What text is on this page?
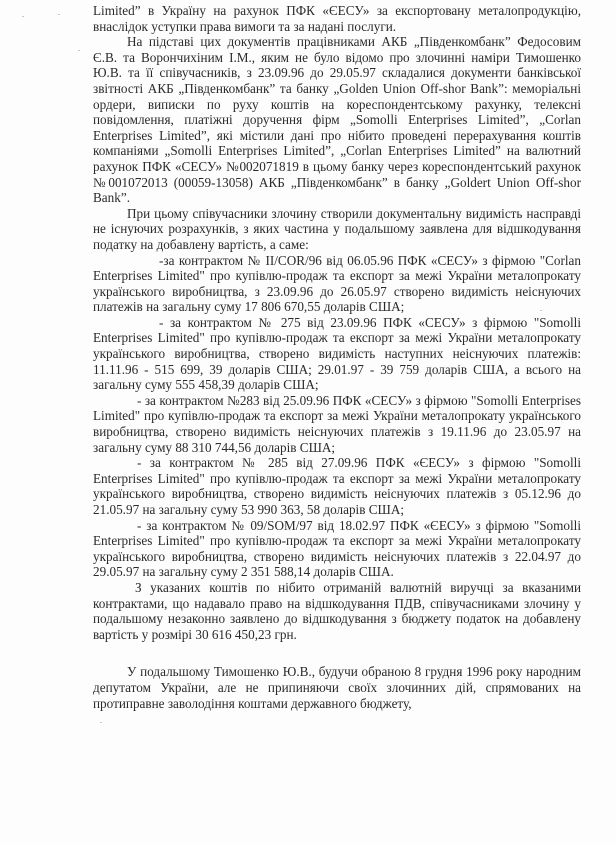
Limited” в Україну на рахунок ПФК «ЄЕСУ» за експортовану металопродукцію, внаслідок уступки права вимоги та за надані послуги.

На підставі цих документів працівниками АКБ „Південкомбанк” Федосовим Є.В. та Ворончихіним І.М., яким не було відомо про злочинні наміри Тимошенко Ю.В. та її співучасників, з 23.09.96 до 29.05.97 складалися документи банківської звітності АКБ „Південкомбанк” та банку „Golden Union Off-shor Bank”: меморіальні ордери, виписки по руху коштів на кореспондентському рахунку, телексні повідомлення, платіжні доручення фірм „Somolli Enterprises Limited”, „Corlan Enterprises Limited”, які містили дані про нібито проведені перерахування коштів компаніями „Somolli Enterprises Limited”, „Corlan Enterprises Limited” на валютний рахунок ПФК «СЕСУ» №002071819 в цьому банку через кореспондентський рахунок №001072013 (00059-13058) АКБ „Південкомбанк” в банку „Goldert Union Off-shor Bank”.

При цьому співучасники злочину створили документальну видимість насправді не існуючих розрахунків, з яких частина у подальшому заявлена для відшкодування податку на добавлену вартість, а саме:

-за контрактом № II/COR/96 від 06.05.96 ПФК «СЕСУ» з фірмою "Corlan Enterprises Limited" про купівлю-продаж та експорт за межі України металопрокату українського виробництва, з 23.09.96 до 26.05.97 створено видимість неіснуючих платежів на загальну суму 17 806 670,55 доларів США;

- за контрактом № 275 від 23.09.96 ПФК «СЕСУ» з фірмою "Somolli Enterprises Limited" про купівлю-продаж та експорт за межі України металопрокату українського виробництва, створено видимість наступних неіснуючих платежів: 11.11.96 - 515 699, 39 доларів США; 29.01.97 - 39 759 доларів США, а всього на загальну суму 555 458,39 доларів США;

- за контрактом №283 від 25.09.96 ПФК «СЕСУ» з фірмою "Somolli Enterprises Limited" про купівлю-продаж та експорт за межі України металопрокату українського виробництва, створено видимість неіснуючих платежів з 19.11.96 до 23.05.97 на загальну суму 88 310 744,56 доларів США;

- за контрактом № 285 від 27.09.96 ПФК «ЄЕСУ» з фірмою "Somolli Enterprises Limited" про купівлю-продаж та експорт за межі України металопрокату українського виробництва, створено видимість неіснуючих платежів з 05.12.96 до 21.05.97 на загальну суму 53 990 363, 58 доларів США;

- за контрактом № 09/SOM/97 від 18.02.97 ПФК «ЄЕСУ» з фірмою "Somolli Enterprises Limited" про купівлю-продаж та експорт за межі України металопрокату українського виробництва, створено видимість неіснуючих платежів з 22.04.97 до 29.05.97 на загальну суму 2 351 588,14 доларів США.

З указаних коштів по нібито отриманій валютній виручці за вказаними контрактами, що надавало право на відшкодування ПДВ, співучасниками злочину у подальшому незаконно заявлено до відшкодування з бюджету податок на добавлену вартість у розмірі 30 616 450,23 грн.

У подальшому Тимошенко Ю.В., будучи обраною 8 грудня 1996 року народним депутатом України, але не припиняючи своїх злочинних дій, спрямованих на протиправне заволодіння коштами державного бюджету,
